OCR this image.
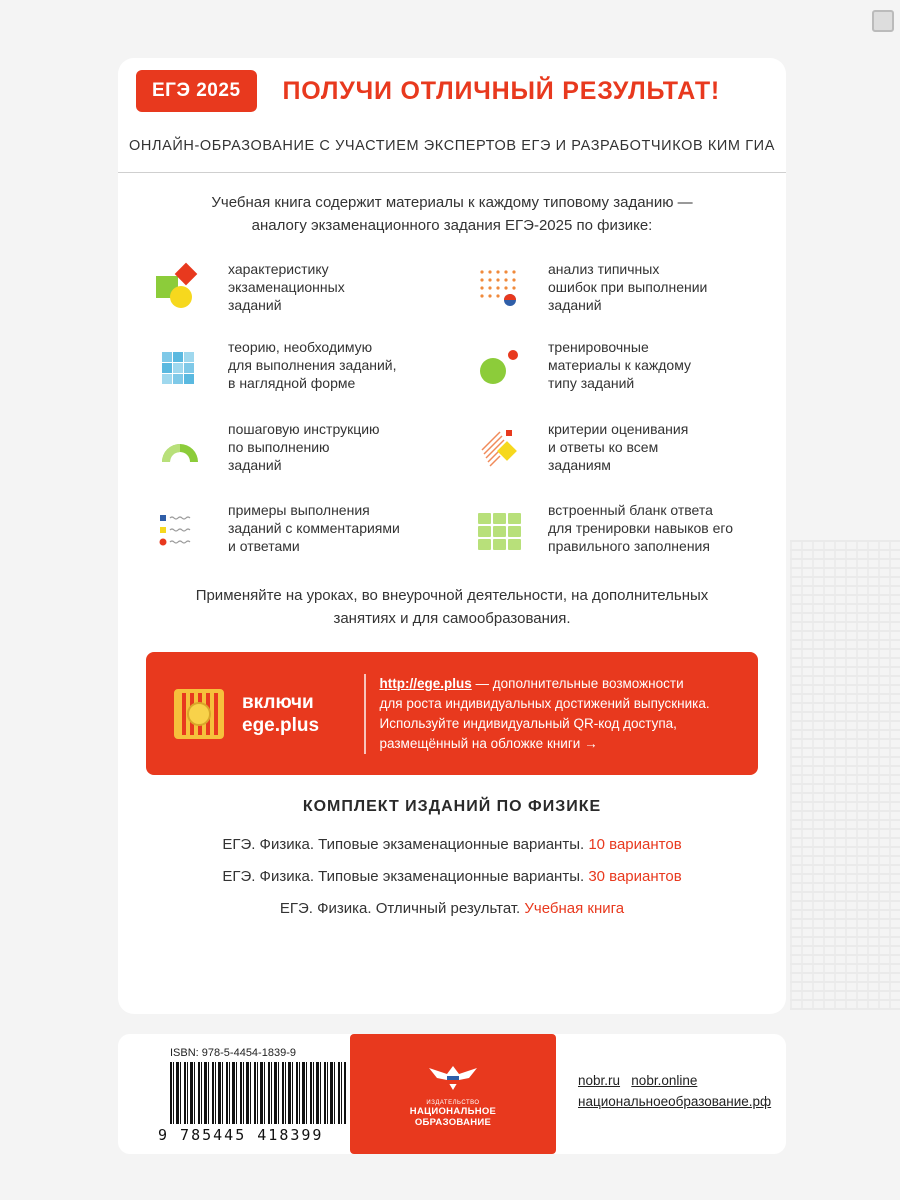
ЕГЭ 2025	ПОЛУЧИ ОТЛИЧНЫЙ РЕЗУЛЬТАТ!
ОНЛАЙН-ОБРАЗОВАНИЕ С УЧАСТИЕМ ЭКСПЕРТОВ ЕГЭ И РАЗРАБОТЧИКОВ КИМ ГИА
Учебная книга содержит материалы к каждому типовому заданию —
аналогу экзаменационного задания ЕГЭ-2025 по физике:
характеристику
экзаменационных
заданий
анализ типичных
ошибок при выполнении
заданий
теорию, необходимую
для выполнения заданий,
в наглядной форме
тренировочные
материалы к каждому
типу заданий
пошаговую инструкцию
по выполнению
заданий
критерии оценивания
и ответы ко всем
заданиям
примеры выполнения
заданий с комментариями
и ответами
встроенный бланк ответа
для тренировки навыков его
правильного заполнения
Применяйте на уроках, во внеурочной деятельности, на дополнительных
занятиях и для самообразования.
включи
ege.plus
http://ege.plus — дополнительные возможности
для роста индивидуальных достижений выпускника.
Используйте индивидуальный QR-код доступа,
размещённый на обложке книги →
КОМПЛЕКТ ИЗДАНИЙ ПО ФИЗИКЕ
ЕГЭ. Физика. Типовые экзаменационные варианты. 10 вариантов
ЕГЭ. Физика. Типовые экзаменационные варианты. 30 вариантов
ЕГЭ. Физика. Отличный результат. Учебная книга
ISBN: 978-5-4454-1839-9
9 785445 418399
ИЗДАТЕЛЬСТВО
НАЦИОНАЛЬНОЕ
ОБРАЗОВАНИЕ
nobr.ru nobr.online
национальноеобразование.рф
